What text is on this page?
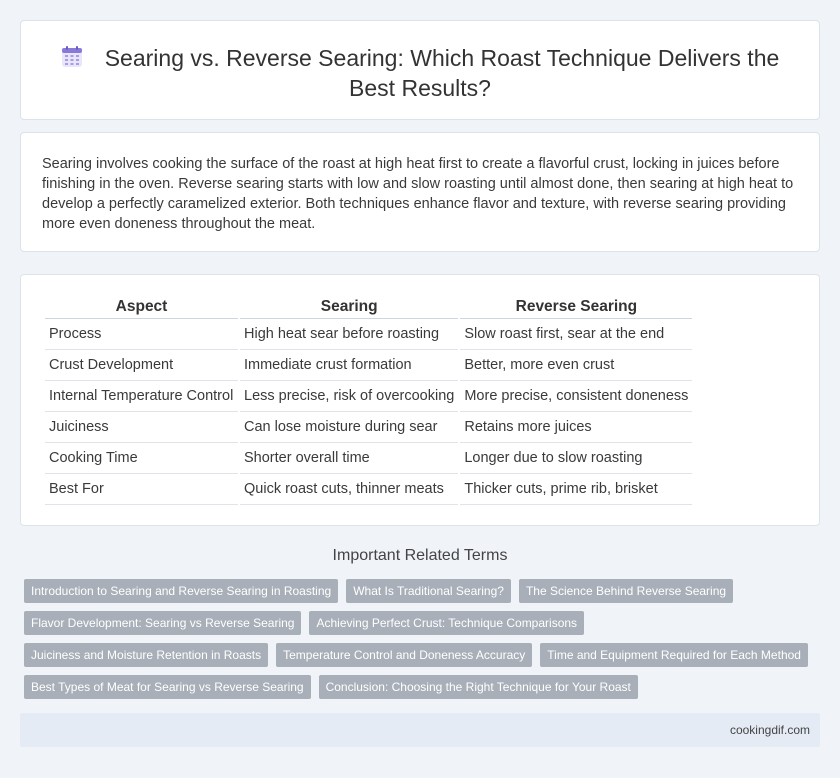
Searing vs. Reverse Searing: Which Roast Technique Delivers the Best Results?

Searing involves cooking the surface of the roast at high heat first to create a flavorful crust, locking in juices before finishing in the oven. Reverse searing starts with low and slow roasting until almost done, then searing at high heat to develop a perfectly caramelized exterior. Both techniques enhance flavor and texture, with reverse searing providing more even doneness throughout the meat.

Aspect	Searing	Reverse Searing
Process	High heat sear before roasting	Slow roast first, sear at the end
Crust Development	Immediate crust formation	Better, more even crust
Internal Temperature Control	Less precise, risk of overcooking	More precise, consistent doneness
Juiciness	Can lose moisture during sear	Retains more juices
Cooking Time	Shorter overall time	Longer due to slow roasting
Best For	Quick roast cuts, thinner meats	Thicker cuts, prime rib, brisket
Important Related Terms
Introduction to Searing and Reverse Searing in Roasting	What Is Traditional Searing?	The Science Behind Reverse Searing
Flavor Development: Searing vs Reverse Searing	Achieving Perfect Crust: Technique Comparisons
Juiciness and Moisture Retention in Roasts	Temperature Control and Doneness Accuracy	Time and Equipment Required for Each Method
Best Types of Meat for Searing vs Reverse Searing	Conclusion: Choosing the Right Technique for Your Roast
cookingdif.com
